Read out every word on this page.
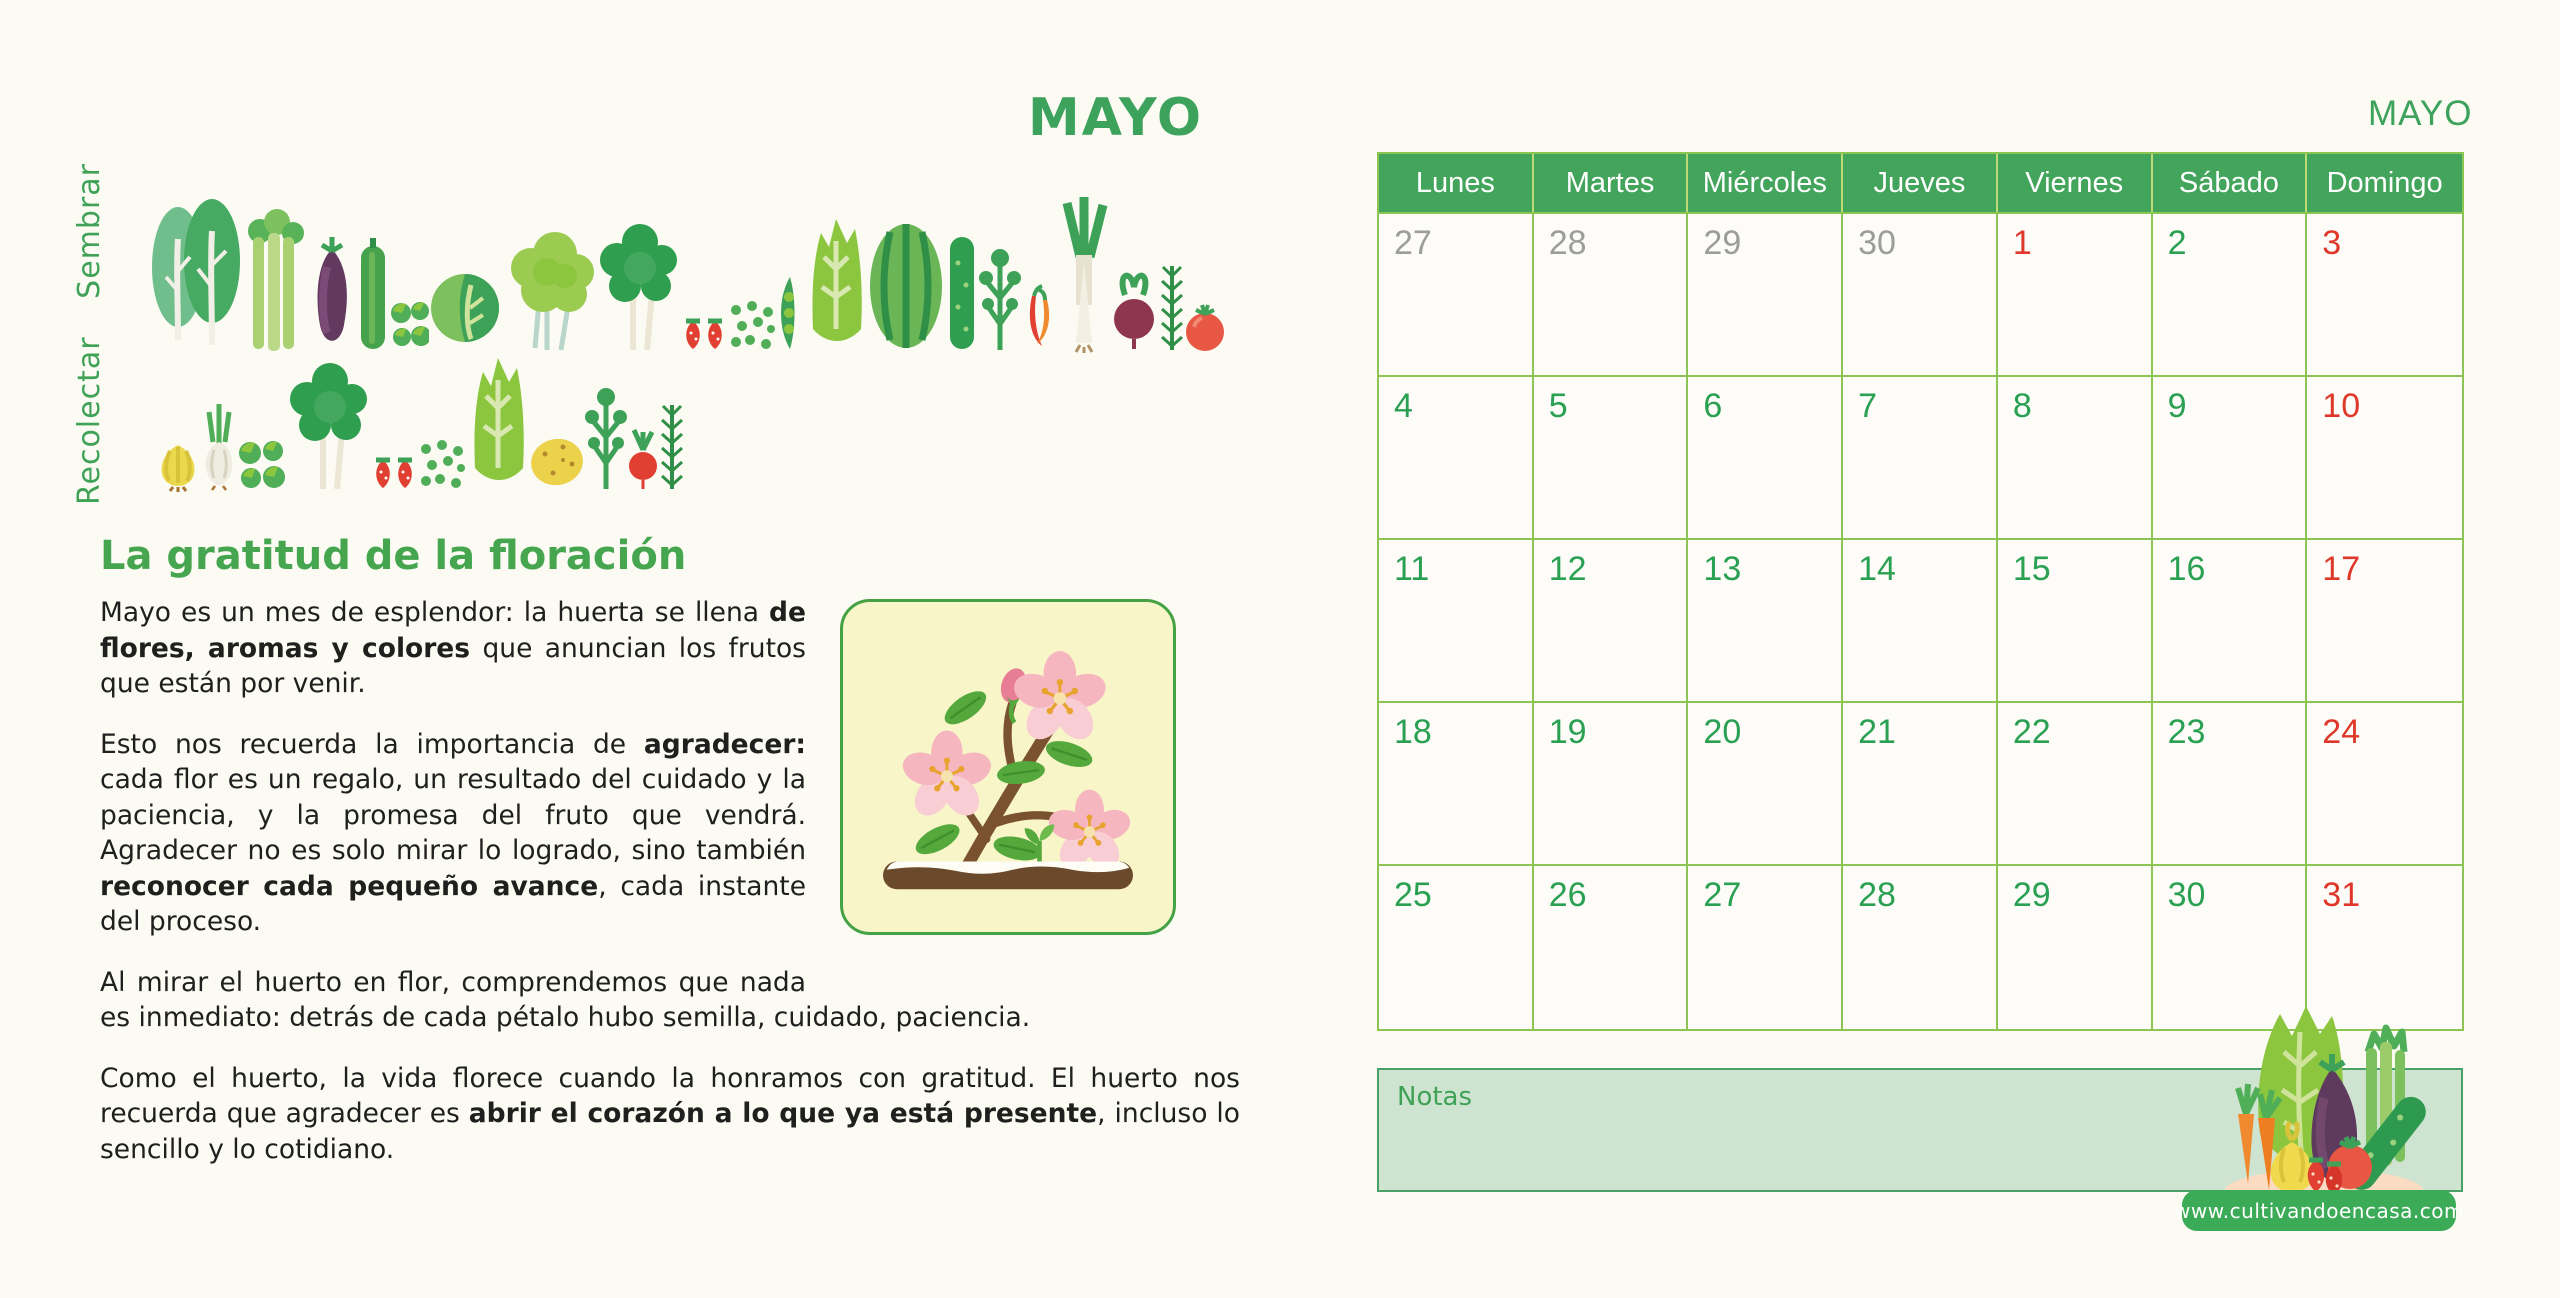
Recolectar
Sembrar
MAYO
La gratitud de la floración

Mayo es un mes de esplendor: la huerta se llena de flores, aromas y colores que anuncian los frutos que están por venir.

Esto nos recuerda la importancia de agradecer: cada flor es un regalo, un resultado del cuidado y la paciencia, y la promesa del fruto que vendrá. Agradecer no es solo mirar lo logrado, sino también reconocer cada pequeño avance, cada instante del proceso.

Al mirar el huerto en flor, comprendemos que nada es inmediato: detrás de cada pétalo hubo semilla, cuidado, paciencia.

Como el huerto, la vida florece cuando la honramos con gratitud. El huerto nos recuerda que agradecer es abrir el corazón a lo que ya está presente, incluso lo sencillo y lo cotidiano.

MAYO
Lunes	Martes	Miércoles	Jueves	Viernes	Sábado	Domingo
27	28	29	30	1	2	3
4	5	6	7	8	9	10
11	12	13	14	15	16	17
18	19	20	21	22	23	24
25	26	27	28	29	30	31
Notas
www.cultivandoencasa.com
